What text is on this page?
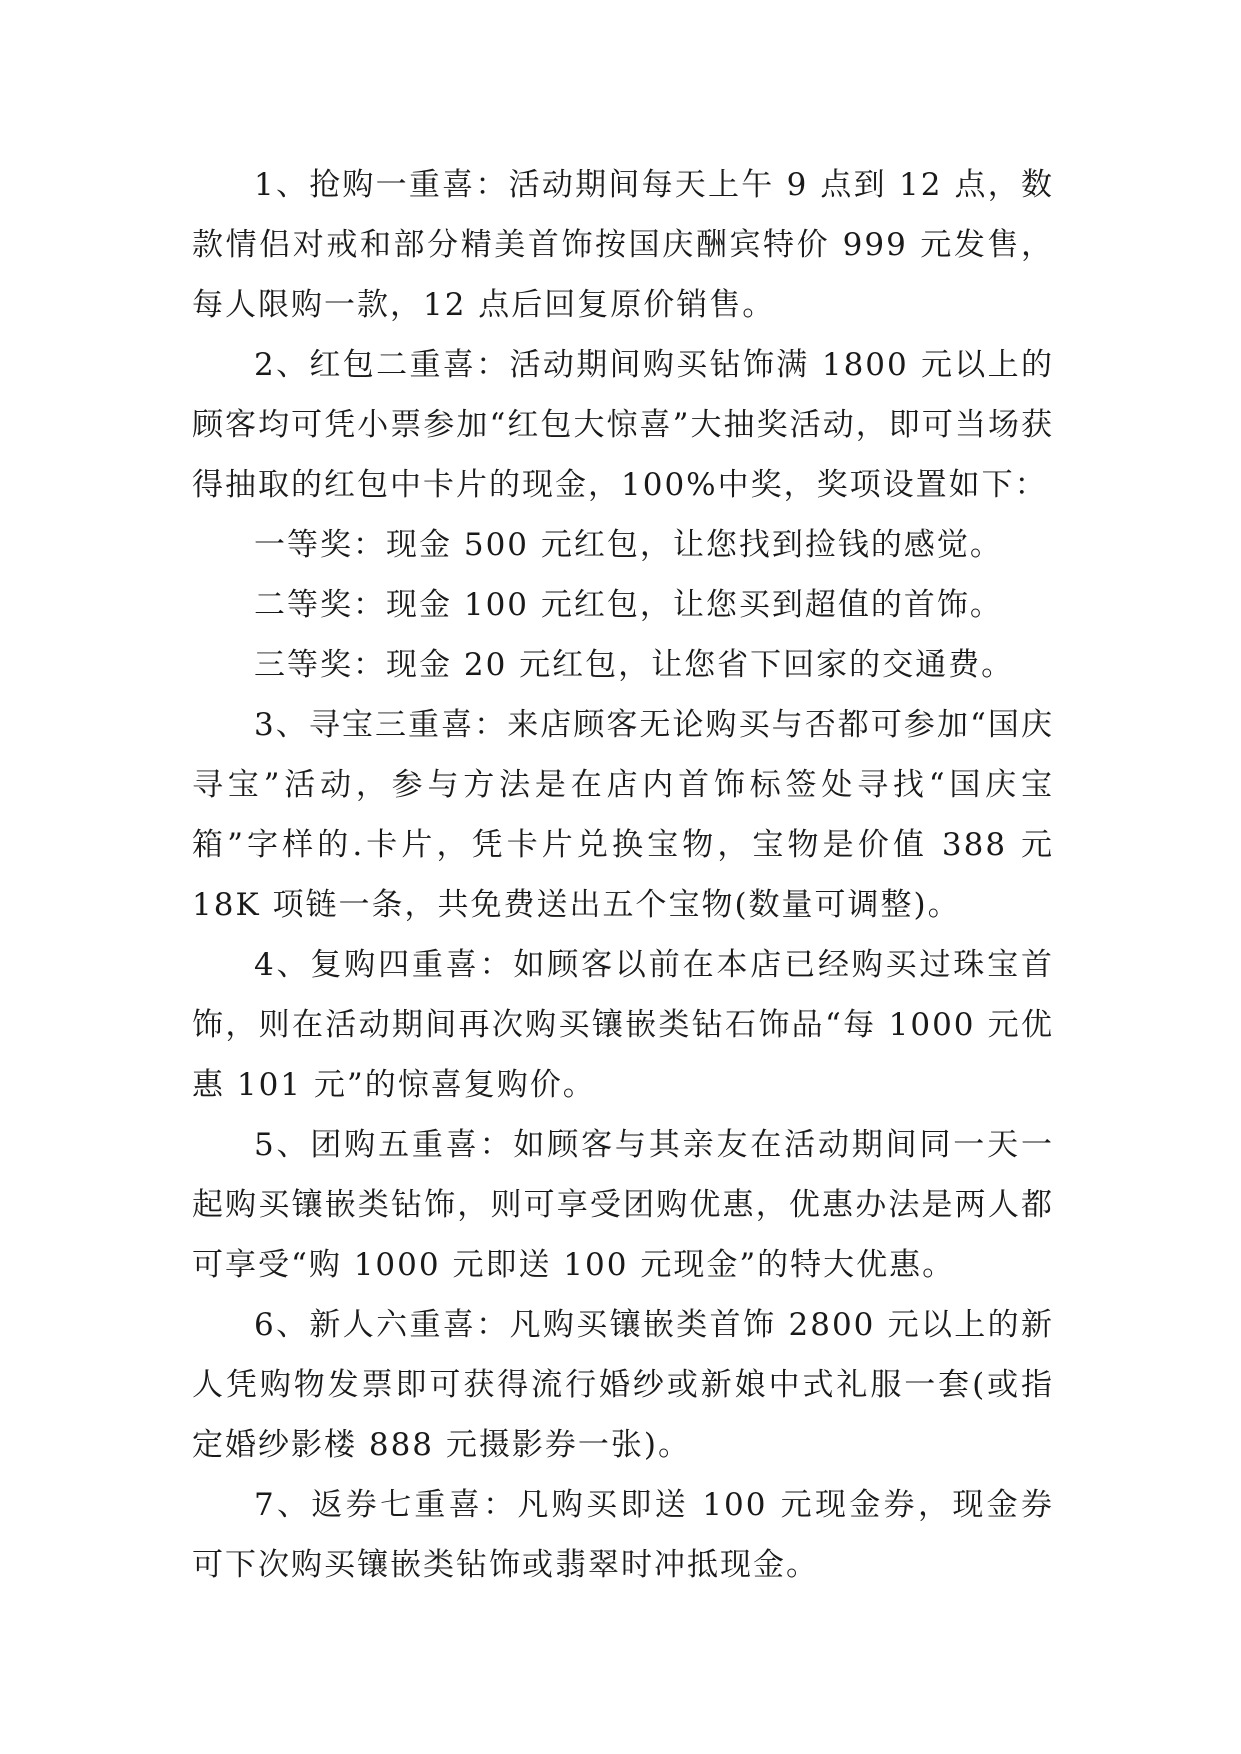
1、抢购一重喜：活动期间每天上午 9 点到 12 点，数款情侣对戒和部分精美首饰按国庆酬宾特价 999 元发售，每人限购一款，12 点后回复原价销售。

2、红包二重喜：活动期间购买钻饰满 1800 元以上的顾客均可凭小票参加“红包大惊喜”大抽奖活动，即可当场获得抽取的红包中卡片的现金，100%中奖，奖项设置如下：

一等奖：现金 500 元红包，让您找到捡钱的感觉。

二等奖：现金 100 元红包，让您买到超值的首饰。

三等奖：现金 20 元红包，让您省下回家的交通费。

3、寻宝三重喜：来店顾客无论购买与否都可参加“国庆寻宝”活动，参与方法是在店内首饰标签处寻找“国庆宝箱”字样的.卡片，凭卡片兑换宝物，宝物是价值 388 元 18K 项链一条，共免费送出五个宝物(数量可调整)。

4、复购四重喜：如顾客以前在本店已经购买过珠宝首饰，则在活动期间再次购买镶嵌类钻石饰品“每 1000 元优惠 101 元”的惊喜复购价。

5、团购五重喜：如顾客与其亲友在活动期间同一天一起购买镶嵌类钻饰，则可享受团购优惠，优惠办法是两人都可享受“购 1000 元即送 100 元现金”的特大优惠。

6、新人六重喜：凡购买镶嵌类首饰 2800 元以上的新人凭购物发票即可获得流行婚纱或新娘中式礼服一套(或指定婚纱影楼 888 元摄影券一张)。

7、返券七重喜：凡购买即送 100 元现金券，现金券可下次购买镶嵌类钻饰或翡翠时冲抵现金。
